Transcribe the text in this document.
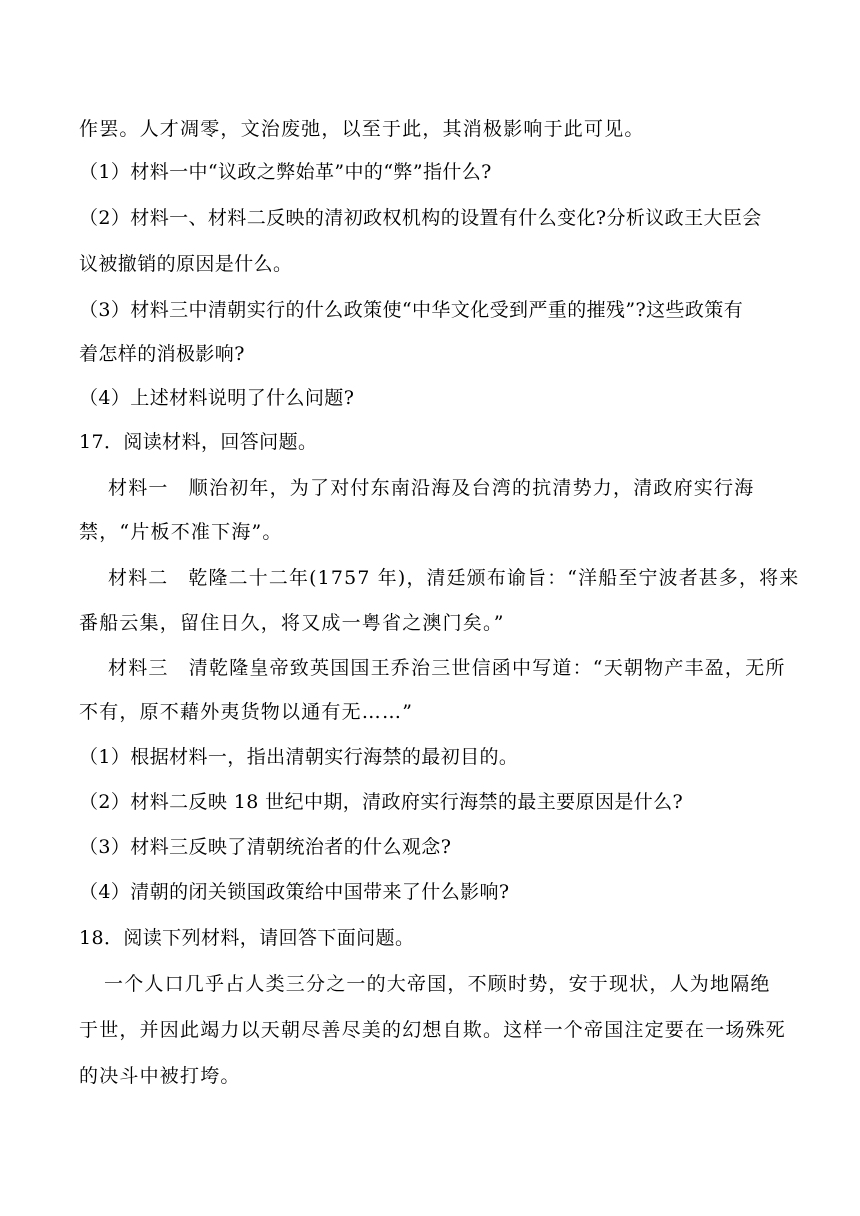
作罢。人才凋零，文治废弛，以至于此，其消极影响于此可见。
（1）材料一中“议政之弊始革”中的“弊”指什么?
（2）材料一、材料二反映的清初政权机构的设置有什么变化?分析议政王大臣会
议被撤销的原因是什么。
（3）材料三中清朝实行的什么政策使“中华文化受到严重的摧残”?这些政策有
着怎样的消极影响?
（4）上述材料说明了什么问题?
17．阅读材料，回答问题。
材料一　顺治初年，为了对付东南沿海及台湾的抗清势力，清政府实行海
禁，“片板不准下海”。
材料二　乾隆二十二年(1757 年)，清廷颁布谕旨：“洋船至宁波者甚多，将来
番船云集，留住日久，将又成一粤省之澳门矣。”
材料三　清乾隆皇帝致英国国王乔治三世信函中写道：“天朝物产丰盈，无所
不有，原不藉外夷货物以通有无……”
（1）根据材料一，指出清朝实行海禁的最初目的。
（2）材料二反映 18 世纪中期，清政府实行海禁的最主要原因是什么?
（3）材料三反映了清朝统治者的什么观念?
（4）清朝的闭关锁国政策给中国带来了什么影响?
18．阅读下列材料，请回答下面问题。
一个人口几乎占人类三分之一的大帝国，不顾时势，安于现状，人为地隔绝
于世，并因此竭力以天朝尽善尽美的幻想自欺。这样一个帝国注定要在一场殊死
的决斗中被打垮。
